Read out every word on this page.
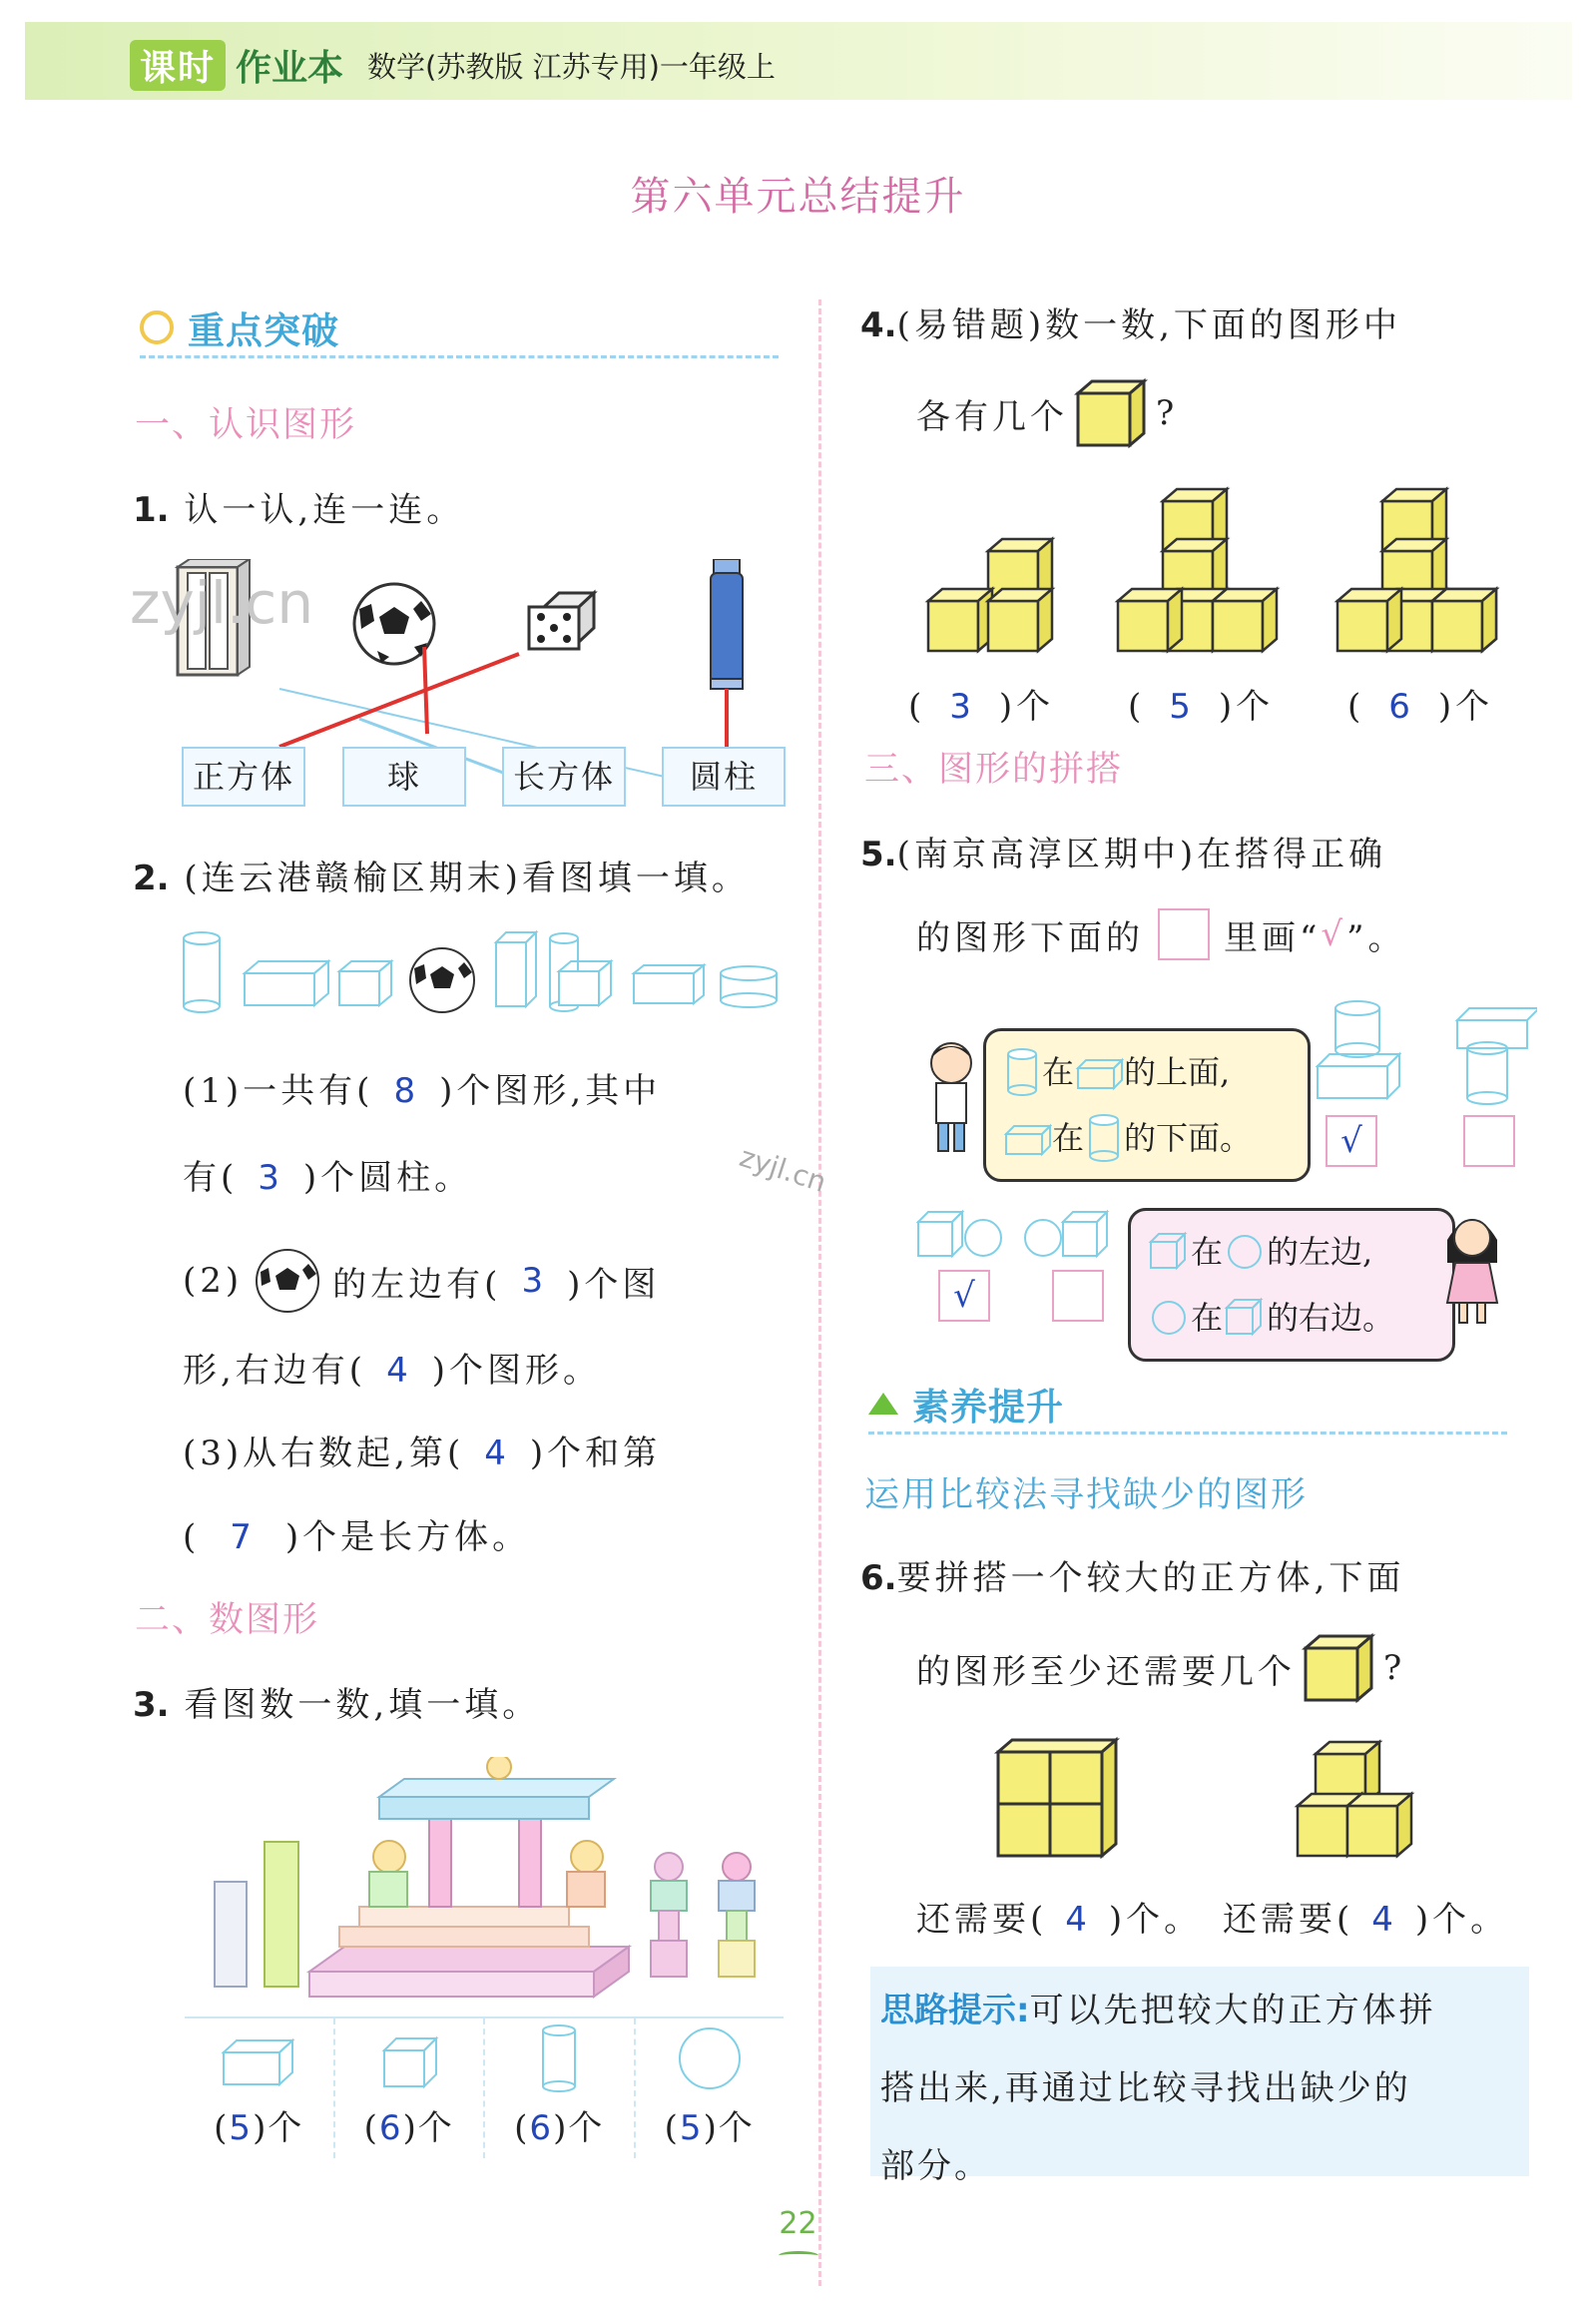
课时 作业本 数学(苏教版 江苏专用)一年级上
第六单元总结提升
重点突破
一、认识图形
1. 认一认,连一连。
正方体	球	长方体	圆柱
2. (连云港赣榆区期末)看图填一填。
(1)一共有( 8 )个图形,其中
有( 3 )个圆柱。
(2)	的左边有( 3 )个图
形,右边有( 4 )个图形。
(3)从右数起,第( 4 )个和第
( 7 )个是长方体。
二、数图形
3. 看图数一数,填一填。
(5)个	(6)个	(6)个	(5)个
4.(易错题)数一数,下面的图形中
各有几个	?
( 3 )个 ( 5 )个 ( 6 )个
三、图形的拼搭
5.(南京高淳区期中)在搭得正确
的图形下面的 里画“ √ ”。
在 的上面,
在 的下面。	√
√
在 的左边,
在 的右边。
素养提升
运用比较法寻找缺少的图形
6.要拼搭一个较大的正方体,下面
的图形至少还需要几个	?
还需要( 4 )个。 还需要( 4 )个。
思路提示:可以先把较大的正方体拼
搭出来,再通过比较寻找出缺少的
部分。
zyjl.cn
zyjl.cn
22
